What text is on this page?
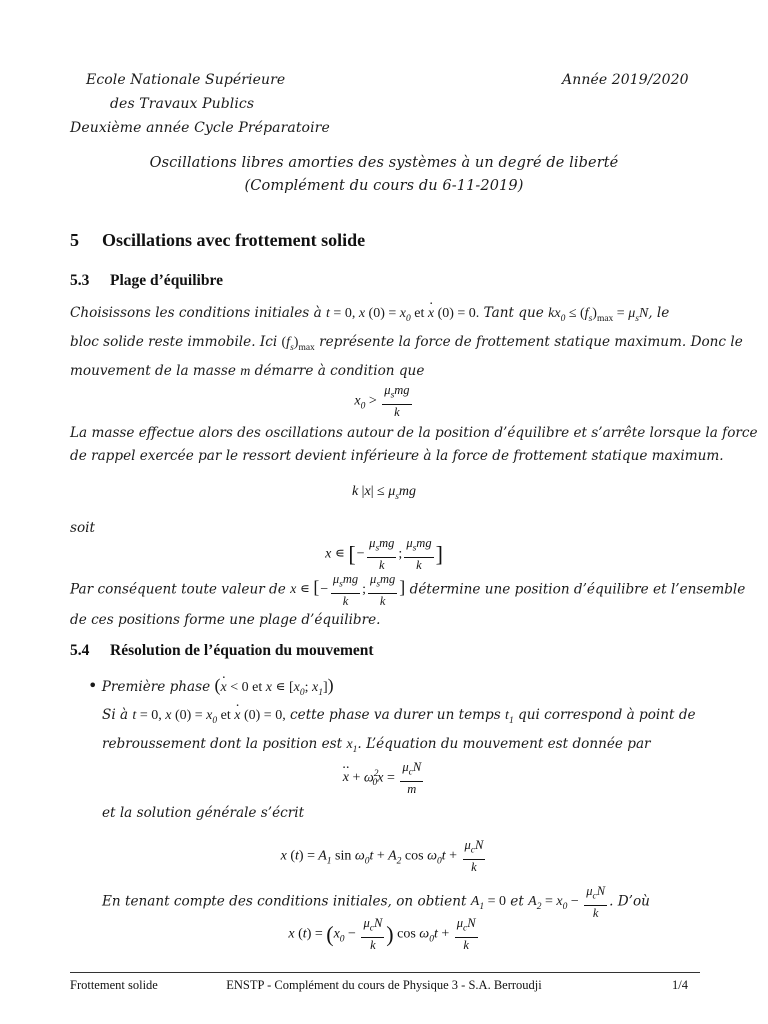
Ecole Nationale Supérieure
des Travaux Publics
Deuxième année Cycle Préparatoire
Année 2019/2020
Oscillations libres amorties des systèmes à un degré de liberté
(Complément du cours du 6-11-2019)
5 Oscillations avec frottement solide
5.3 Plage d’équilibre
Choisissons les conditions initiales à t = 0, x $(0) = x_0$ et · x (0) = 0. Tant que $kx_0 \le (f_s)_{max} = \mu_sN$, le
bloc solide reste immobile. Ici $(f_s)_{max}$ représente la force de frottement statique maximum. Donc le
mouvement de la masse m démarre à condition que
$x_0 > \frac{\mu_smg}{k}$
La masse effectue alors des oscillations autour de la position d’équilibre et s’arrête lorsque la force
de rappel exercée par le ressort devient inférieure à la force de frottement statique maximum.
k $|x| \le \mu_smg$
soit
x ∊ [− $\frac{\mu_smg}{k}$ ; $\frac{\mu_smg}{k}$ ]
Par conséquent toute valeur de x ∊ [− $\frac{\mu_smg}{k}$ ; $\frac{\mu_smg}{k}$ ] détermine une position d’équilibre et l’ensemble
de ces positions forme une plage d’équilibre.
5.4 Résolution de l’équation du mouvement
• Première phase (· x < 0 et x ∊ [$x_0$; $x_1$])
Si à t = 0, x $(0) = x_0$ et · x (0) = 0, cette phase va durer un temps $t_1$ qui correspond à point de
rebroussement dont la position est $x_1$. L’équation du mouvement est donnée par
·· $x + \omega^2_0x = \frac{\mu_cN}{m}$
et la solution générale s’écrit
x $(t) = A_1$ $\sin \omega_0t + A_2$ $\cos \omega_0t + \frac{\mu_cN}{k}$
En tenant compte des conditions initiales, on obtient $A_1 = 0$ et $A_2 = x_0 - \frac{\mu_cN}{k}$ . D’où
x $(t) = (x_0 - \frac{\mu_cN}{k}$ ) $\cos \omega_0t + \frac{\mu_cN}{k}$
Frottement solide	ENSTP - Complément du cours de Physique 3 - S.A. Berroudji	1/4
